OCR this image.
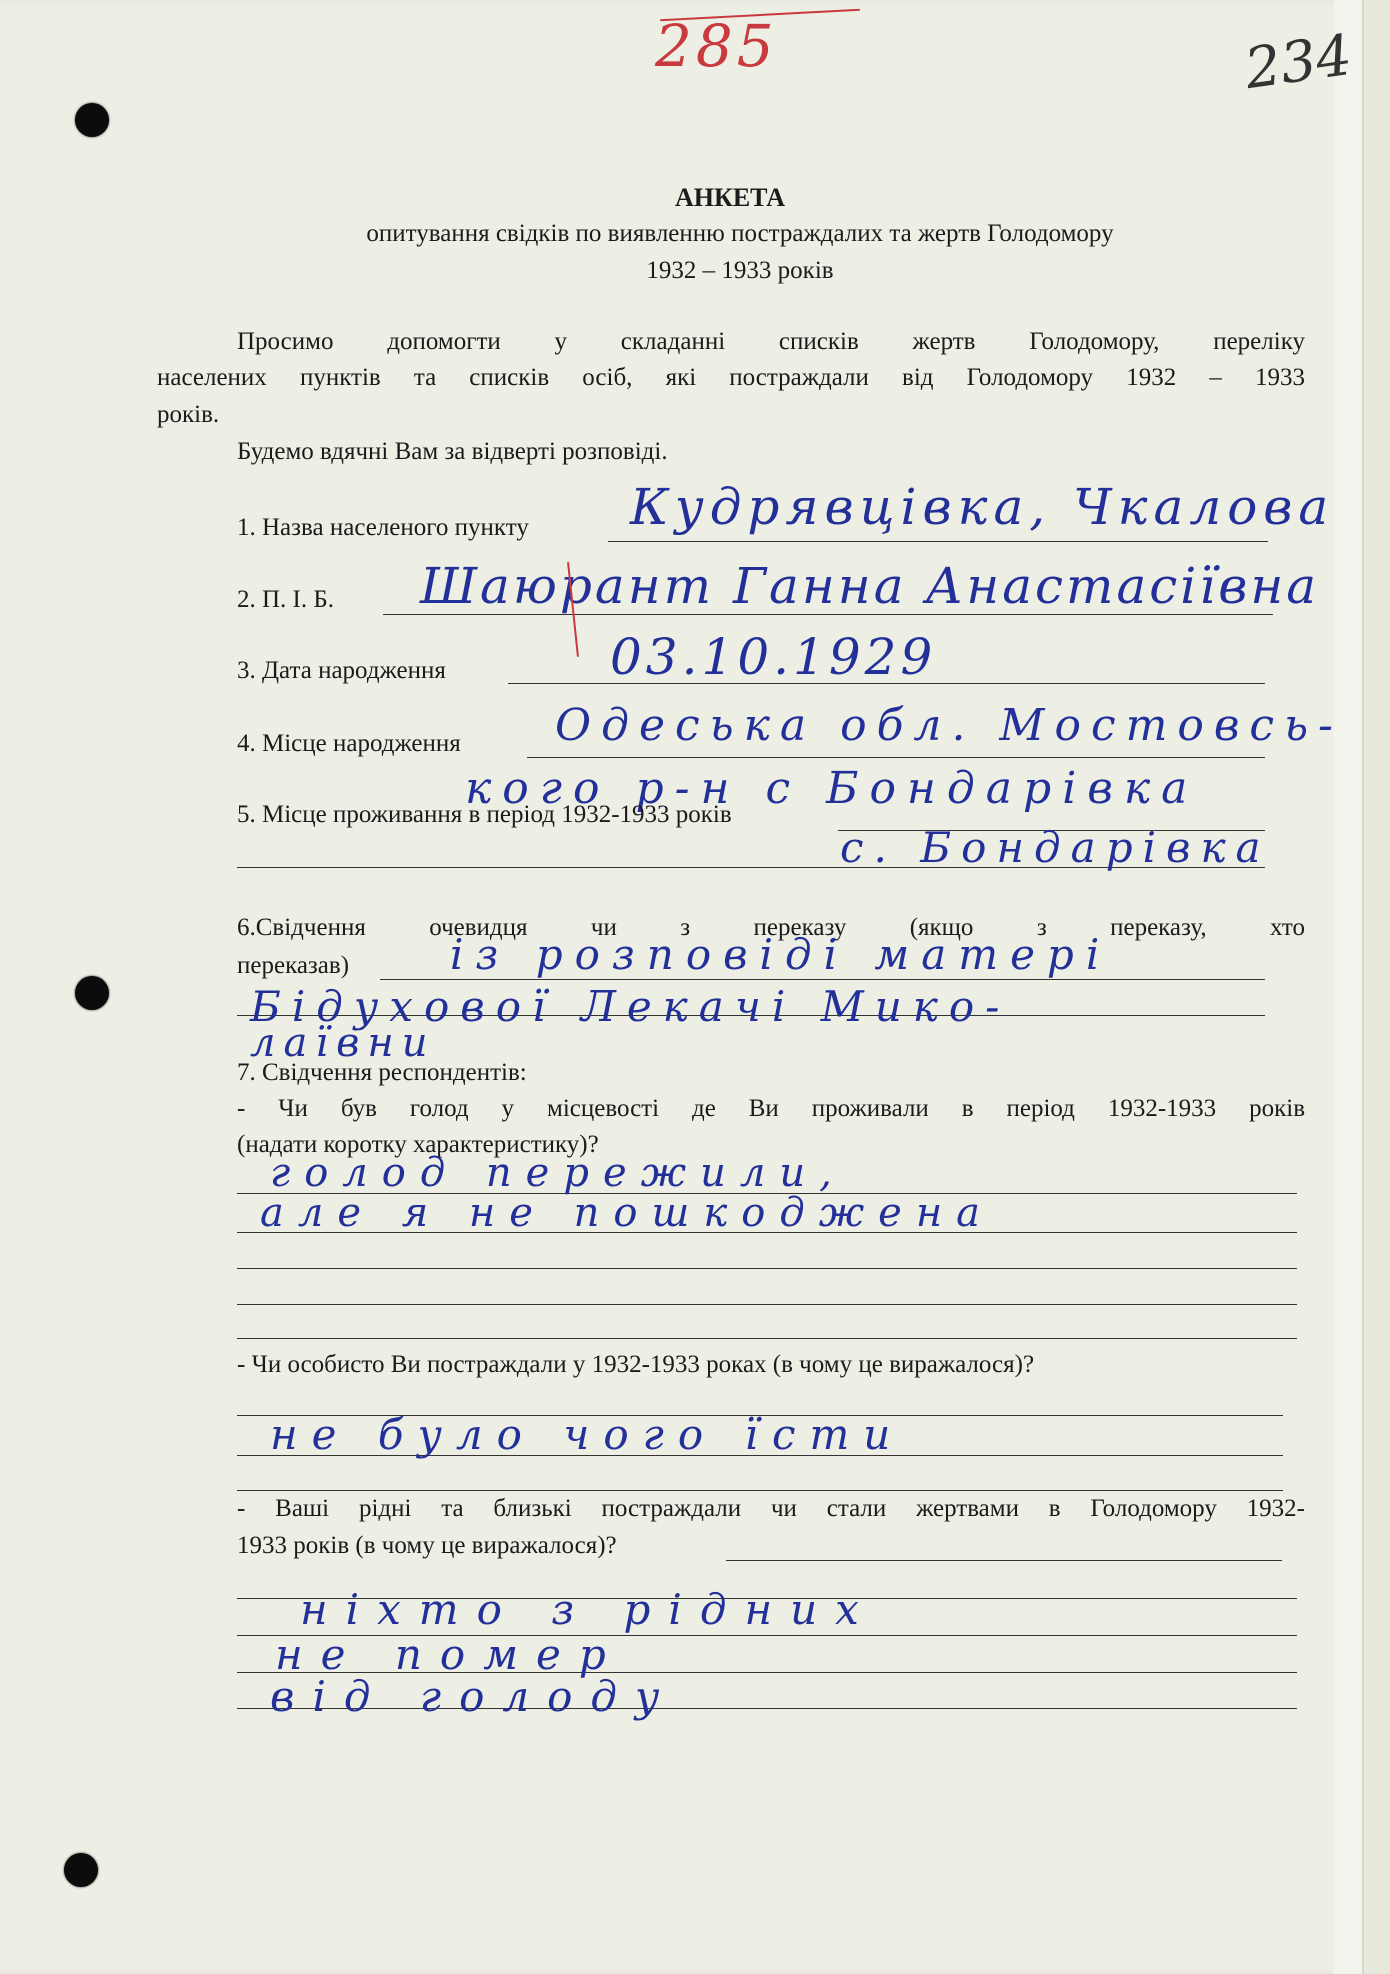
285	234
АНКЕТА
опитування свідків по виявленню постраждалих та жертв Голодомору
1932 – 1933 років
Просимо допомогти у складанні списків жертв Голодомору, переліку
населених пунктів та списків осіб, які постраждали від Голодомору 1932 – 1933
років.
Будемо вдячні Вам за відверті розповіді.
1. Назва населеного пункту Кудрявцівка, Чкалова
2. П. І. Б. Шаюрант Ганна Анастасіївна
3. Дата народження	03.10.1929
4. Місце народження Одеська обл. Мостовсь-
кого р-н с Бондарівка
5. Місце проживання в період 1932-1933 років
с. Бондарівка
6.Свідчення очевидця чи з переказу (якщо з переказу, хто
переказав) із розповіді матері
Бідухової Лекачі Мико-
лаївни
7. Свідчення респондентів:
- Чи був голод у місцевості де Ви проживали в період 1932-1933 років
(надати коротку характеристику)?
голод пережили,
але я не пошкоджена
- Чи особисто Ви постраждали у 1932-1933 роках (в чому це виражалося)?
не було чого їсти
- Ваші рідні та близькі постраждали чи стали жертвами в Голодомору 1932-
1933 років (в чому це виражалося)?
ніхто з рідних
не помер
від голоду
